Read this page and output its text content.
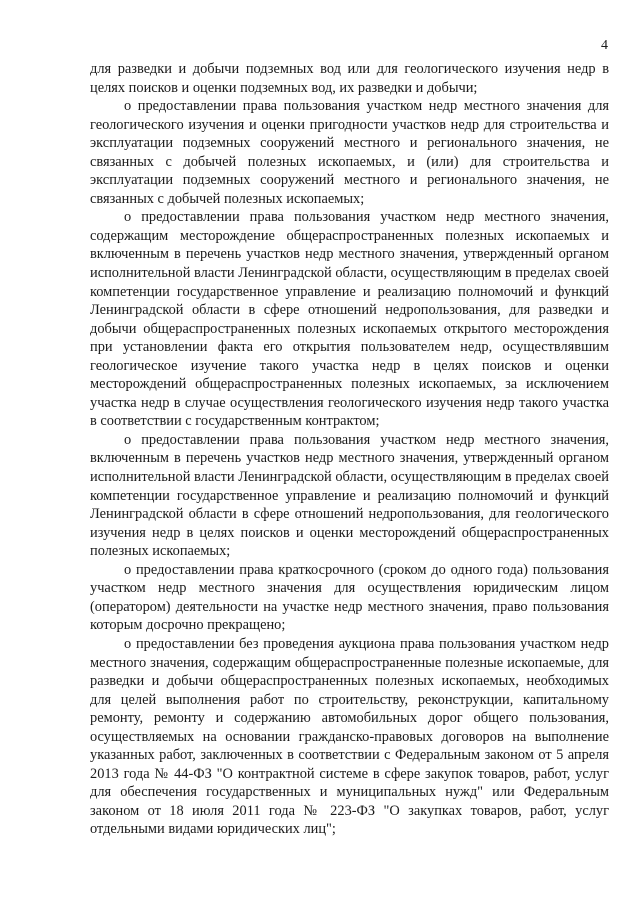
4

для разведки и добычи подземных вод или для геологического изучения недр в целях поисков и оценки подземных вод, их разведки и добычи;

о предоставлении права пользования участком недр местного значения для геологического изучения и оценки пригодности участков недр для строительства и эксплуатации подземных сооружений местного и регионального значения, не связанных с добычей полезных ископаемых, и (или) для строительства и эксплуатации подземных сооружений местного и регионального значения, не связанных с добычей полезных ископаемых;

о предоставлении права пользования участком недр местного значения, содержащим месторождение общераспространенных полезных ископаемых и включенным в перечень участков недр местного значения, утвержденный органом исполнительной власти Ленинградской области, осуществляющим в пределах своей компетенции государственное управление и реализацию полномочий и функций Ленинградской области в сфере отношений недропользования, для разведки и добычи общераспространенных полезных ископаемых открытого месторождения при установлении факта его открытия пользователем недр, осуществлявшим геологическое изучение такого участка недр в целях поисков и оценки месторождений общераспространенных полезных ископаемых, за исключением участка недр в случае осуществления геологического изучения недр такого участка в соответствии с государственным контрактом;

о предоставлении права пользования участком недр местного значения, включенным в перечень участков недр местного значения, утвержденный органом исполнительной власти Ленинградской области, осуществляющим в пределах своей компетенции государственное управление и реализацию полномочий и функций Ленинградской области в сфере отношений недропользования, для геологического изучения недр в целях поисков и оценки месторождений общераспространенных полезных ископаемых;

о предоставлении права краткосрочного (сроком до одного года) пользования участком недр местного значения для осуществления юридическим лицом (оператором) деятельности на участке недр местного значения, право пользования которым досрочно прекращено;

о предоставлении без проведения аукциона права пользования участком недр местного значения, содержащим общераспространенные полезные ископаемые, для разведки и добычи общераспространенных полезных ископаемых, необходимых для целей выполнения работ по строительству, реконструкции, капитальному ремонту, ремонту и содержанию автомобильных дорог общего пользования, осуществляемых на основании гражданско-правовых договоров на выполнение указанных работ, заключенных в соответствии с Федеральным законом от 5 апреля 2013 года № 44-ФЗ "О контрактной системе в сфере закупок товаров, работ, услуг для обеспечения государственных и муниципальных нужд" или Федеральным законом от 18 июля 2011 года № 223-ФЗ "О закупках товаров, работ, услуг отдельными видами юридических лиц";
